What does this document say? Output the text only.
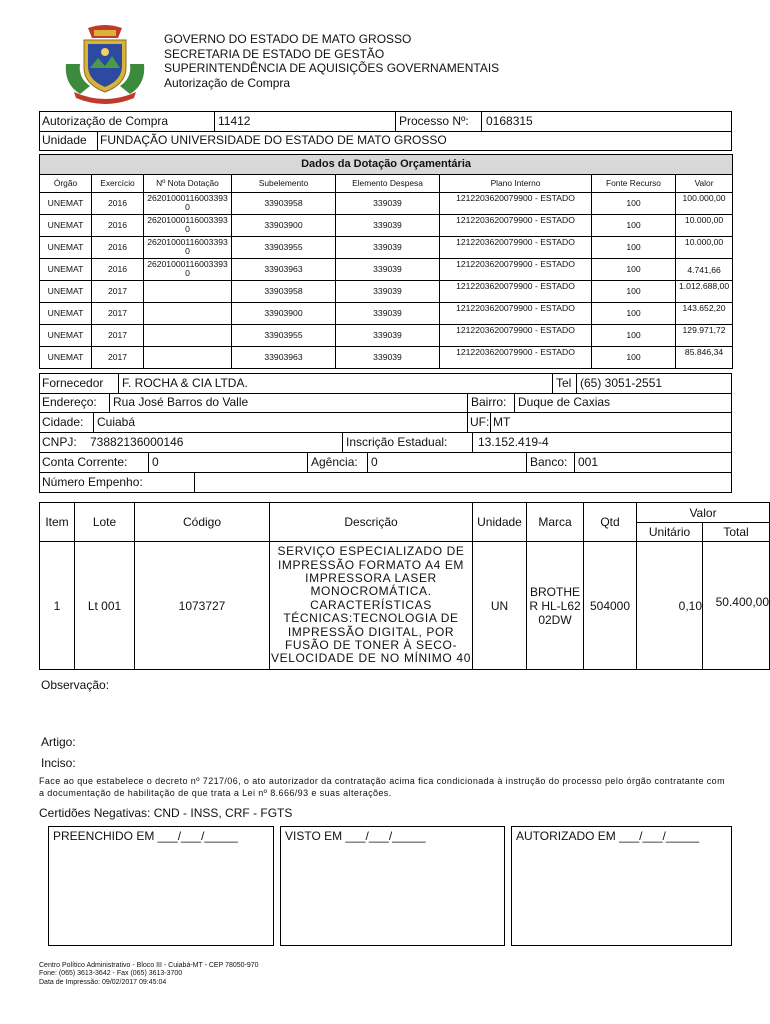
GOVERNO DO ESTADO DE MATO GROSSO
SECRETARIA DE ESTADO DE GESTÃO
SUPERINTENDÊNCIA DE AQUISIÇÕES GOVERNAMENTAIS
Autorização de Compra
Autorização de Compra	11412	Processo Nº: 0168315
Unidade FUNDAÇÃO UNIVERSIDADE DO ESTADO DE MATO GROSSO
Dados da Dotação Orçamentária							
Órgão	Exercício	Nº Nota Dotação	Subelemento	Elemento Despesa	Plano Interno	Fonte Recurso	Valor
UNEMAT	2016	262010001160033930	33903958	339039	1212203620079900 - ESTADO	100	100.000,00
UNEMAT	2016	262010001160033930	33903900	339039	1212203620079900 - ESTADO	100	10.000,00
UNEMAT	2016	262010001160033930	33903955	339039	1212203620079900 - ESTADO	100	10.000,00
UNEMAT	2016	262010001160033930	33903963	339039	1212203620079900 - ESTADO	100	4.741,66
UNEMAT	2017		33903958	339039	1212203620079900 - ESTADO	100	1.012.688,00
UNEMAT	2017		33903900	339039	1212203620079900 - ESTADO	100	143.652,20
UNEMAT	2017		33903955	339039	1212203620079900 - ESTADO	100	129.971,72
UNEMAT	2017		33903963	339039	1212203620079900 - ESTADO	100	85.846,34
Fornecedor F. ROCHA & CIA LTDA.	Tel (65) 3051-2551
Endereço: Rua José Barros do Valle	Bairro: Duque de Caxias
Cidade: Cuiabá	UF: MT
CNPJ: 73882136000146	Inscrição Estadual:	13.152.419-4
Conta Corrente: 0	Agência: 0	Banco: 001
Número Empenho:
Item	Lote	Código	Descrição	Unidade	Marca	Qtd	Valor	
							Unitário	Total
1	Lt 001	1073727	SERVIÇO ESPECIALIZADO DE IMPRESSÃO FORMATO A4 EM IMPRESSORA LASER MONOCROMÁTICA. CARACTERÍSTICAS TÉCNICAS:TECNOLOGIA DE IMPRESSÃO DIGITAL, POR FUSÃO DE TONER À SECO-VELOCIDADE DE NO MÍNIMO 40	UN	BROTHER HL-L6202DW	504000	0,10	50.400,00
Observação:
Artigo:
Inciso:
Face ao que estabelece o decreto nº 7217/06, o ato autorizador da contratação acima fica condicionada à instrução do processo pelo órgão contratante com a documentação de habilitação de que trata a Lei nº 8.666/93 e suas alterações.
Certidões Negativas: CND - INSS, CRF - FGTS
PREENCHIDO EM ___/___/_____	VISTO EM ___/___/_____	AUTORIZADO EM ___/___/_____
Centro Político Administrativo - Bloco III - Cuiabá-MT - CEP 78050-970
Fone: (065) 3613-3642 - Fax (065) 3613-3700
Data de Impressão: 09/02/2017 09:45:04
